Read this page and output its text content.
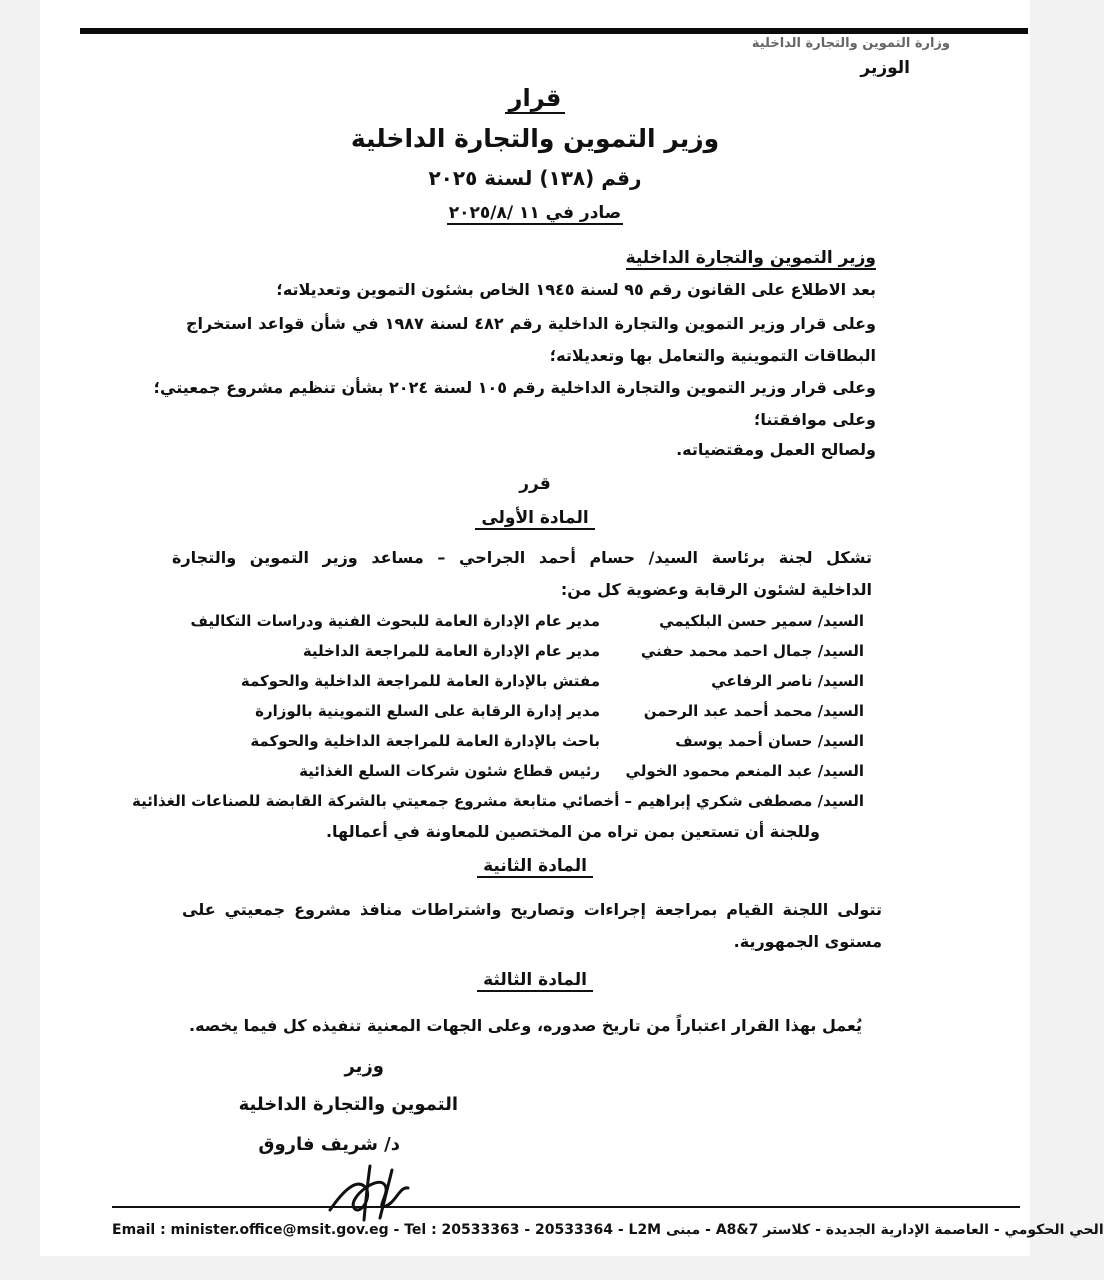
وزارة التموين والتجارة الداخلية
الوزير
قرار
وزير التموين والتجارة الداخلية
رقم (١٣٨) لسنة ٢٠٢٥
صادر في ١١ /٢٠٢٥/٨
وزير التموين والتجارة الداخلية
بعد الاطلاع على القانون رقم ٩٥ لسنة ١٩٤٥ الخاص بشئون التموين وتعديلاته؛
وعلى قرار وزير التموين والتجارة الداخلية رقم ٤٨٢ لسنة ١٩٨٧ في شأن قواعد استخراج
البطاقات التموينية والتعامل بها وتعديلاته؛
وعلى قرار وزير التموين والتجارة الداخلية رقم ١٠٥ لسنة ٢٠٢٤ بشأن تنظيم مشروع جمعيتي؛
وعلى موافقتنا؛
ولصالح العمل ومقتضياته.
قرر
المادة الأولى
تشكل لجنة برئاسة السيد/ حسام أحمد الجراحي – مساعد وزير التموين والتجارة
الداخلية لشئون الرقابة وعضوية كل من:
السيد/ سمير حسن البلكيمي
مدير عام الإدارة العامة للبحوث الفنية ودراسات التكاليف
السيد/ جمال احمد محمد حفني
مدير عام الإدارة العامة للمراجعة الداخلية
السيد/ ناصر الرفاعي
مفتش بالإدارة العامة للمراجعة الداخلية والحوكمة
السيد/ محمد أحمد عبد الرحمن
مدير إدارة الرقابة على السلع التموينية بالوزارة
السيد/ حسان أحمد يوسف
باحث بالإدارة العامة للمراجعة الداخلية والحوكمة
السيد/ عبد المنعم محمود الخولي
رئيس قطاع شئون شركات السلع الغذائية
السيد/ مصطفى شكري إبراهيم – أخصائي متابعة مشروع جمعيتي بالشركة القابضة للصناعات الغذائية
وللجنة أن تستعين بمن تراه من المختصين للمعاونة في أعمالها.
المادة الثانية
تتولى اللجنة القيام بمراجعة إجراءات وتصاريح واشتراطات منافذ مشروع جمعيتي على
مستوى الجمهورية.
المادة الثالثة
يُعمل بهذا القرار اعتباراً من تاريخ صدوره، وعلى الجهات المعنية تنفيذه كل فيما يخصه.
وزير
التموين والتجارة الداخلية
د/ شريف فاروق
Email : minister.office@msit.gov.eg - Tel : 20533363 - 20533364 - L2M مبنى - A8&7 الحي الحكومي - العاصمة الإدارية الجديدة - كلاستر
